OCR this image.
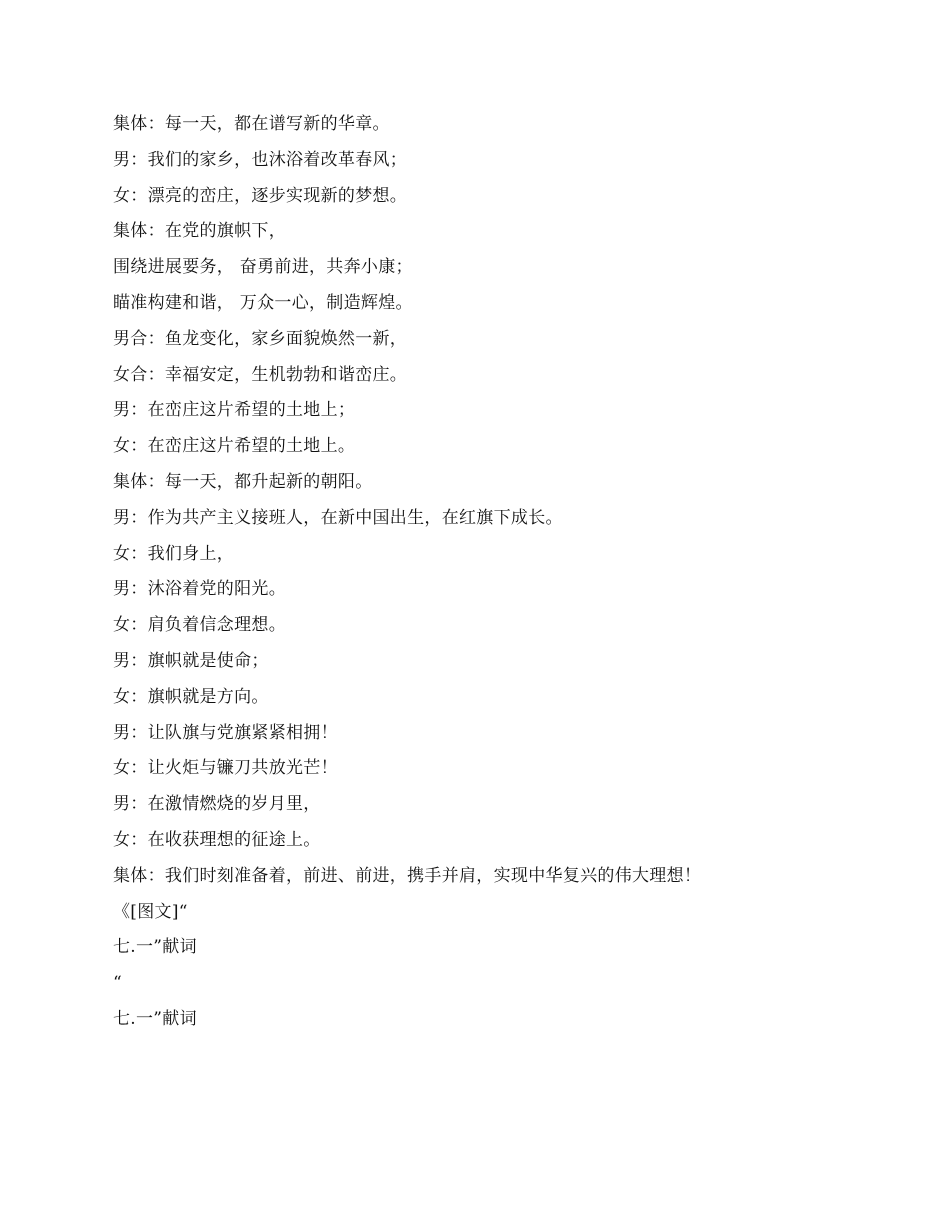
集体：每一天，都在谱写新的华章。
男：我们的家乡，也沐浴着改革春风；
女：漂亮的峦庄，逐步实现新的梦想。
集体：在党的旗帜下，
围绕进展要务， 奋勇前进，共奔小康；
瞄准构建和谐， 万众一心，制造辉煌。
男合：鱼龙变化，家乡面貌焕然一新，
女合：幸福安定，生机勃勃和谐峦庄。
男：在峦庄这片希望的土地上；
女：在峦庄这片希望的土地上。
集体：每一天，都升起新的朝阳。
男：作为共产主义接班人，在新中国出生，在红旗下成长。
女：我们身上，
男：沐浴着党的阳光。
女：肩负着信念理想。
男：旗帜就是使命；
女：旗帜就是方向。
男：让队旗与党旗紧紧相拥！
女：让火炬与镰刀共放光芒！
男：在激情燃烧的岁月里，
女：在收获理想的征途上。
集体：我们时刻准备着，前进、前进，携手并肩，实现中华复兴的伟大理想！
《[图文]“
七.一”献词
“
七.一”献词
